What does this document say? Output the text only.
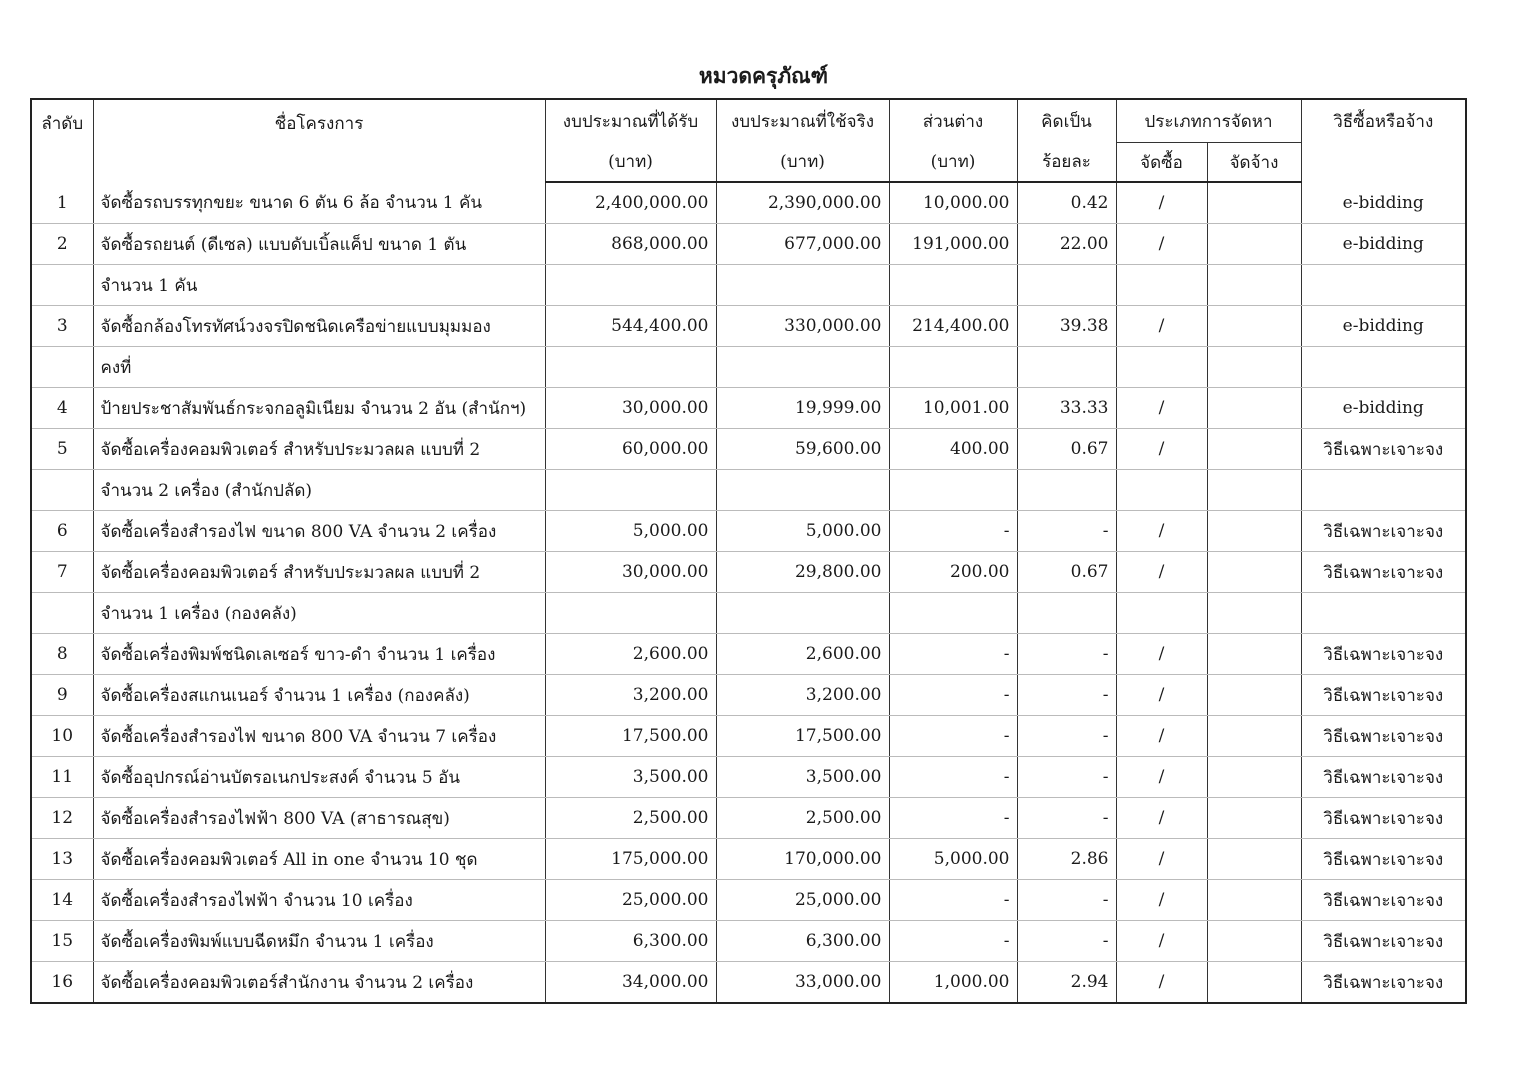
หมวดครุภัณฑ์
ลำดับ	ชื่อโครงการ	งบประมาณที่ได้รับ	งบประมาณที่ใช้จริง	ส่วนต่าง	คิดเป็น	ประเภทการจัดหา		วิธีซื้อหรือจ้าง
		(บาท)	(บาท)	(บาท)	ร้อยละ	จัดซื้อ	จัดจ้าง	
1	จัดซื้อรถบรรทุกขยะ ขนาด 6 ตัน 6 ล้อ จำนวน 1 คัน	2,400,000.00	2,390,000.00	10,000.00	0.42	/		e-bidding
2	จัดซื้อรถยนต์ (ดีเซล) แบบดับเบิ้ลแค็ป ขนาด 1 ตัน	868,000.00	677,000.00	191,000.00	22.00	/		e-bidding
	จำนวน 1 คัน							
3	จัดซื้อกล้องโทรทัศน์วงจรปิดชนิดเครือข่ายแบบมุมมอง	544,400.00	330,000.00	214,400.00	39.38	/		e-bidding
	คงที่							
4	ป้ายประชาสัมพันธ์กระจกอลูมิเนียม จำนวน 2 อัน (สำนักฯ)	30,000.00	19,999.00	10,001.00	33.33	/		e-bidding
5	จัดซื้อเครื่องคอมพิวเตอร์ สำหรับประมวลผล แบบที่ 2	60,000.00	59,600.00	400.00	0.67	/		วิธีเฉพาะเจาะจง
	จำนวน 2 เครื่อง (สำนักปลัด)							
6	จัดซื้อเครื่องสำรองไฟ ขนาด 800 VA จำนวน 2 เครื่อง	5,000.00	5,000.00	-	-	/		วิธีเฉพาะเจาะจง
7	จัดซื้อเครื่องคอมพิวเตอร์ สำหรับประมวลผล แบบที่ 2	30,000.00	29,800.00	200.00	0.67	/		วิธีเฉพาะเจาะจง
	จำนวน 1 เครื่อง (กองคลัง)							
8	จัดซื้อเครื่องพิมพ์ชนิดเลเซอร์ ขาว-ดำ จำนวน 1 เครื่อง	2,600.00	2,600.00	-	-	/		วิธีเฉพาะเจาะจง
9	จัดซื้อเครื่องสแกนเนอร์ จำนวน 1 เครื่อง (กองคลัง)	3,200.00	3,200.00	-	-	/		วิธีเฉพาะเจาะจง
10	จัดซื้อเครื่องสำรองไฟ ขนาด 800 VA จำนวน 7 เครื่อง	17,500.00	17,500.00	-	-	/		วิธีเฉพาะเจาะจง
11	จัดซื้ออุปกรณ์อ่านบัตรอเนกประสงค์ จำนวน 5 อัน	3,500.00	3,500.00	-	-	/		วิธีเฉพาะเจาะจง
12	จัดซื้อเครื่องสำรองไฟฟ้า 800 VA (สาธารณสุข)	2,500.00	2,500.00	-	-	/		วิธีเฉพาะเจาะจง
13	จัดซื้อเครื่องคอมพิวเตอร์ All in one จำนวน 10 ชุด	175,000.00	170,000.00	5,000.00	2.86	/		วิธีเฉพาะเจาะจง
14	จัดซื้อเครื่องสำรองไฟฟ้า จำนวน 10 เครื่อง	25,000.00	25,000.00	-	-	/		วิธีเฉพาะเจาะจง
15	จัดซื้อเครื่องพิมพ์แบบฉีดหมึก จำนวน 1 เครื่อง	6,300.00	6,300.00	-	-	/		วิธีเฉพาะเจาะจง
16	จัดซื้อเครื่องคอมพิวเตอร์สำนักงาน จำนวน 2 เครื่อง	34,000.00	33,000.00	1,000.00	2.94	/		วิธีเฉพาะเจาะจง
